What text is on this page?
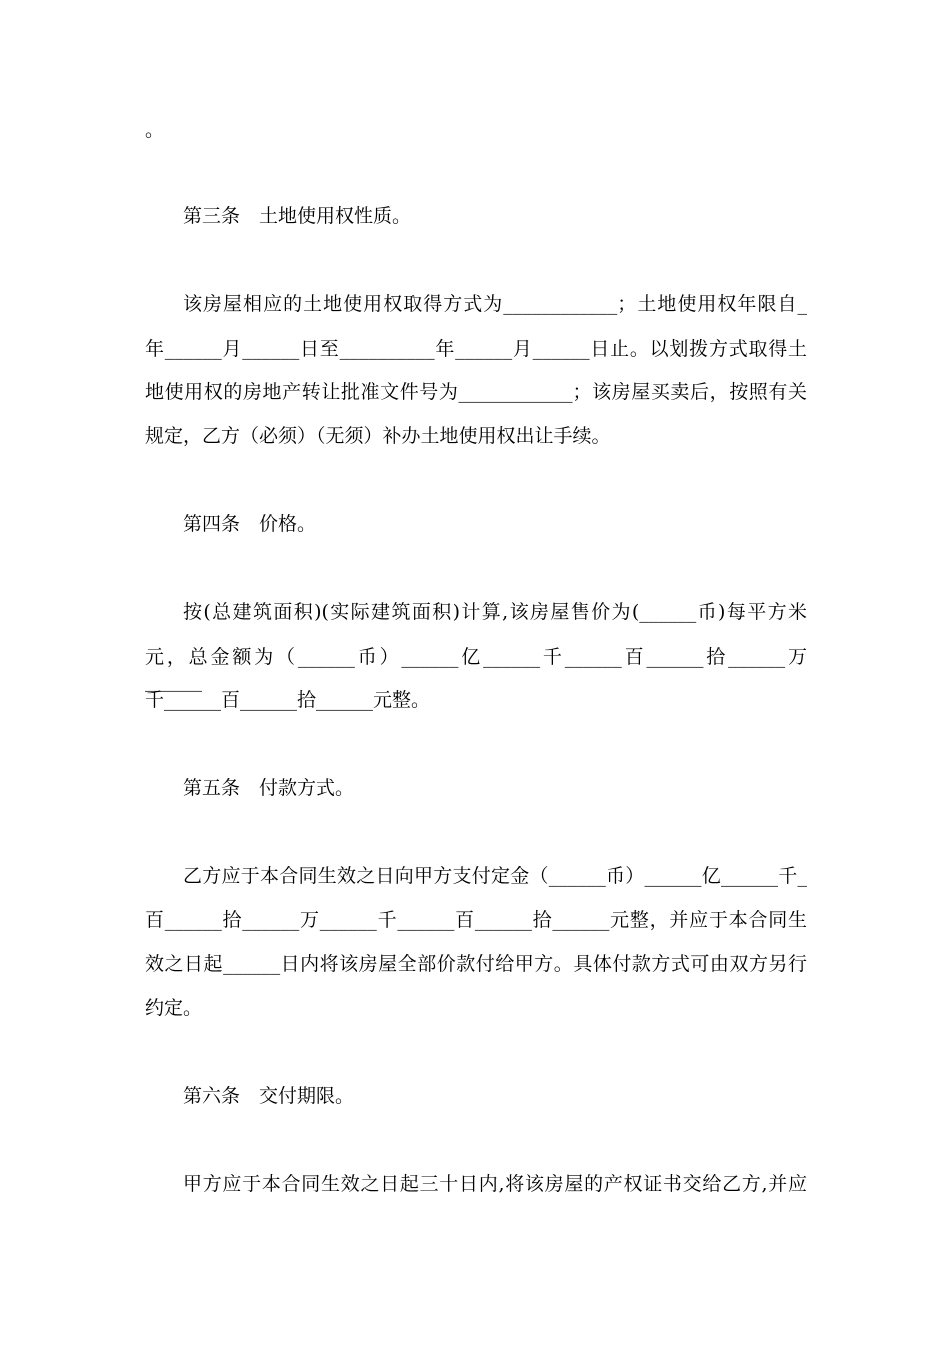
。
第三条　土地使用权性质。
该房屋相应的土地使用权取得方式为____________；土地使用权年限自_
年______月______日至__________年______月______日止。以划拨方式取得土
地使用权的房地产转让批准文件号为____________；该房屋买卖后，按照有关
规定，乙方（必须）（无须）补办土地使用权出让手续。
第四条　价格。
按(总建筑面积)(实际建筑面积)计算,该房屋售价为(______币)每平方米
元，总金额为（______币）______亿______千______百______拾______万______
千______百______拾______元整。
第五条　付款方式。
乙方应于本合同生效之日向甲方支付定金（______币）______亿______千_
百______拾______万______千______百______拾______元整，并应于本合同生
效之日起______日内将该房屋全部价款付给甲方。具体付款方式可由双方另行
约定。
第六条　交付期限。
甲方应于本合同生效之日起三十日内,将该房屋的产权证书交给乙方,并应
